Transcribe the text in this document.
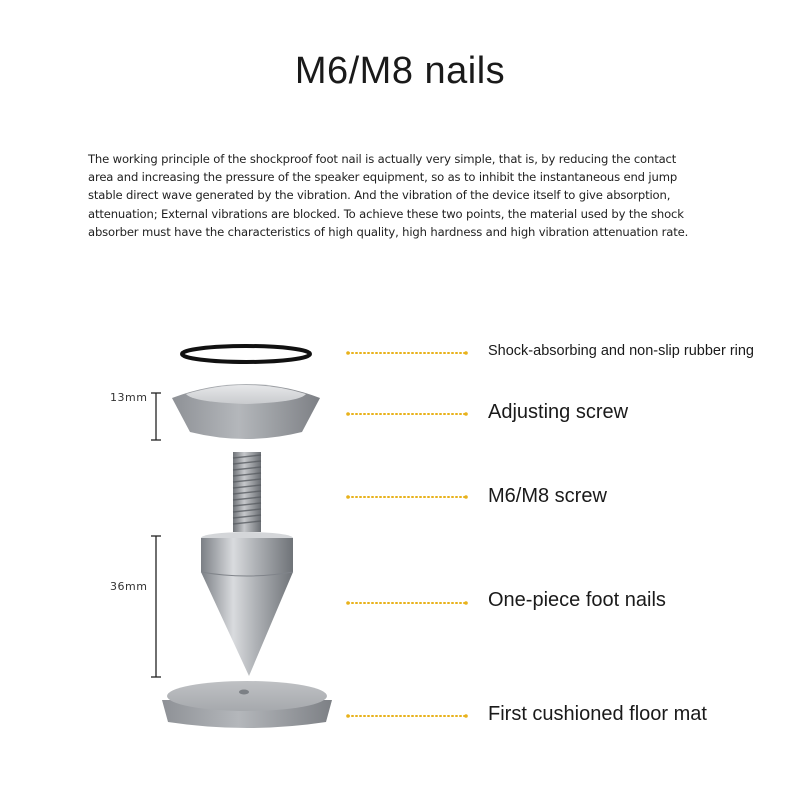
M6/M8 nails
The working principle of the shockproof foot nail is actually very simple, that is, by reducing the contact
area and increasing the pressure of the speaker equipment, so as to inhibit the instantaneous end jump
stable direct wave generated by the vibration. And the vibration of the device itself to give absorption,
attenuation; External vibrations are blocked. To achieve these two points, the material used by the shock
absorber must have the characteristics of high quality, high hardness and high vibration attenuation rate.
13mm
36mm
Shock-absorbing and non-slip rubber ring
Adjusting screw
M6/M8 screw
One-piece foot nails
First cushioned floor mat
